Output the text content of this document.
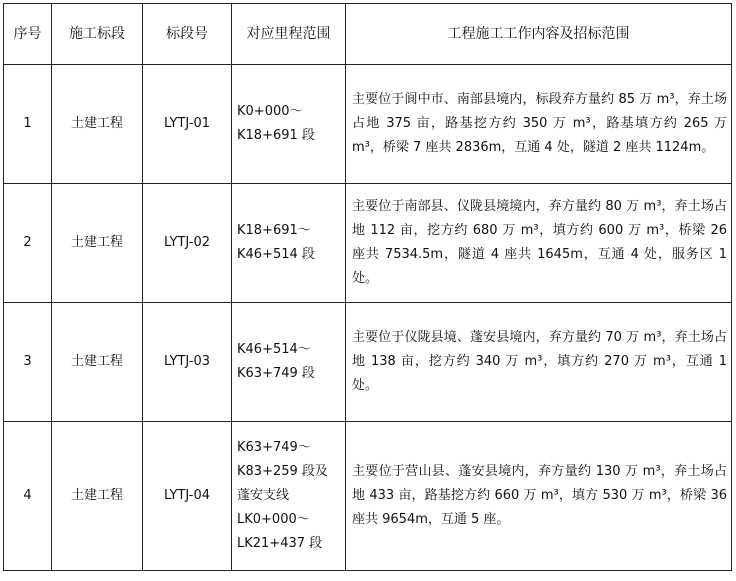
序号	施工标段	标段号	对应里程范围	工程施工工作内容及招标范围
1	土建工程	LYTJ-01	K0+000～
K18+691 段	主要位于阆中市、南部县境内，标段弃方量约 85 万 m³，弃土场占地 375 亩，路基挖方约 350 万 m³，路基填方约 265 万 m³，桥梁 7 座共 2836m，互通 4 处，隧道 2 座共 1124m。

2	土建工程	LYTJ-02	K18+691～
K46+514 段	主要位于南部县、仪陇县境境内，弃方量约 80 万 m³，弃土场占地 112 亩，挖方约 680 万 m³，填方约 600 万 m³，桥梁 26 座共 7534.5m，隧道 4 座共 1645m，互通 4 处，服务区 1 处。

3	土建工程	LYTJ-03	K46+514～
K63+749 段	主要位于仪陇县境、蓬安县境内，弃方量约 70 万 m³，弃土场占地 138 亩，挖方约 340 万 m³，填方约 270 万 m³，互通 1 处。

4	土建工程	LYTJ-04	K63+749～
K83+259 段及
蓬安支线
LK0+000～
LK21+437 段	主要位于营山县、蓬安县境内，弃方量约 130 万 m³，弃土场占地 433 亩，路基挖方约 660 万 m³，填方 530 万 m³，桥梁 36 座共 9654m，互通 5 座。
